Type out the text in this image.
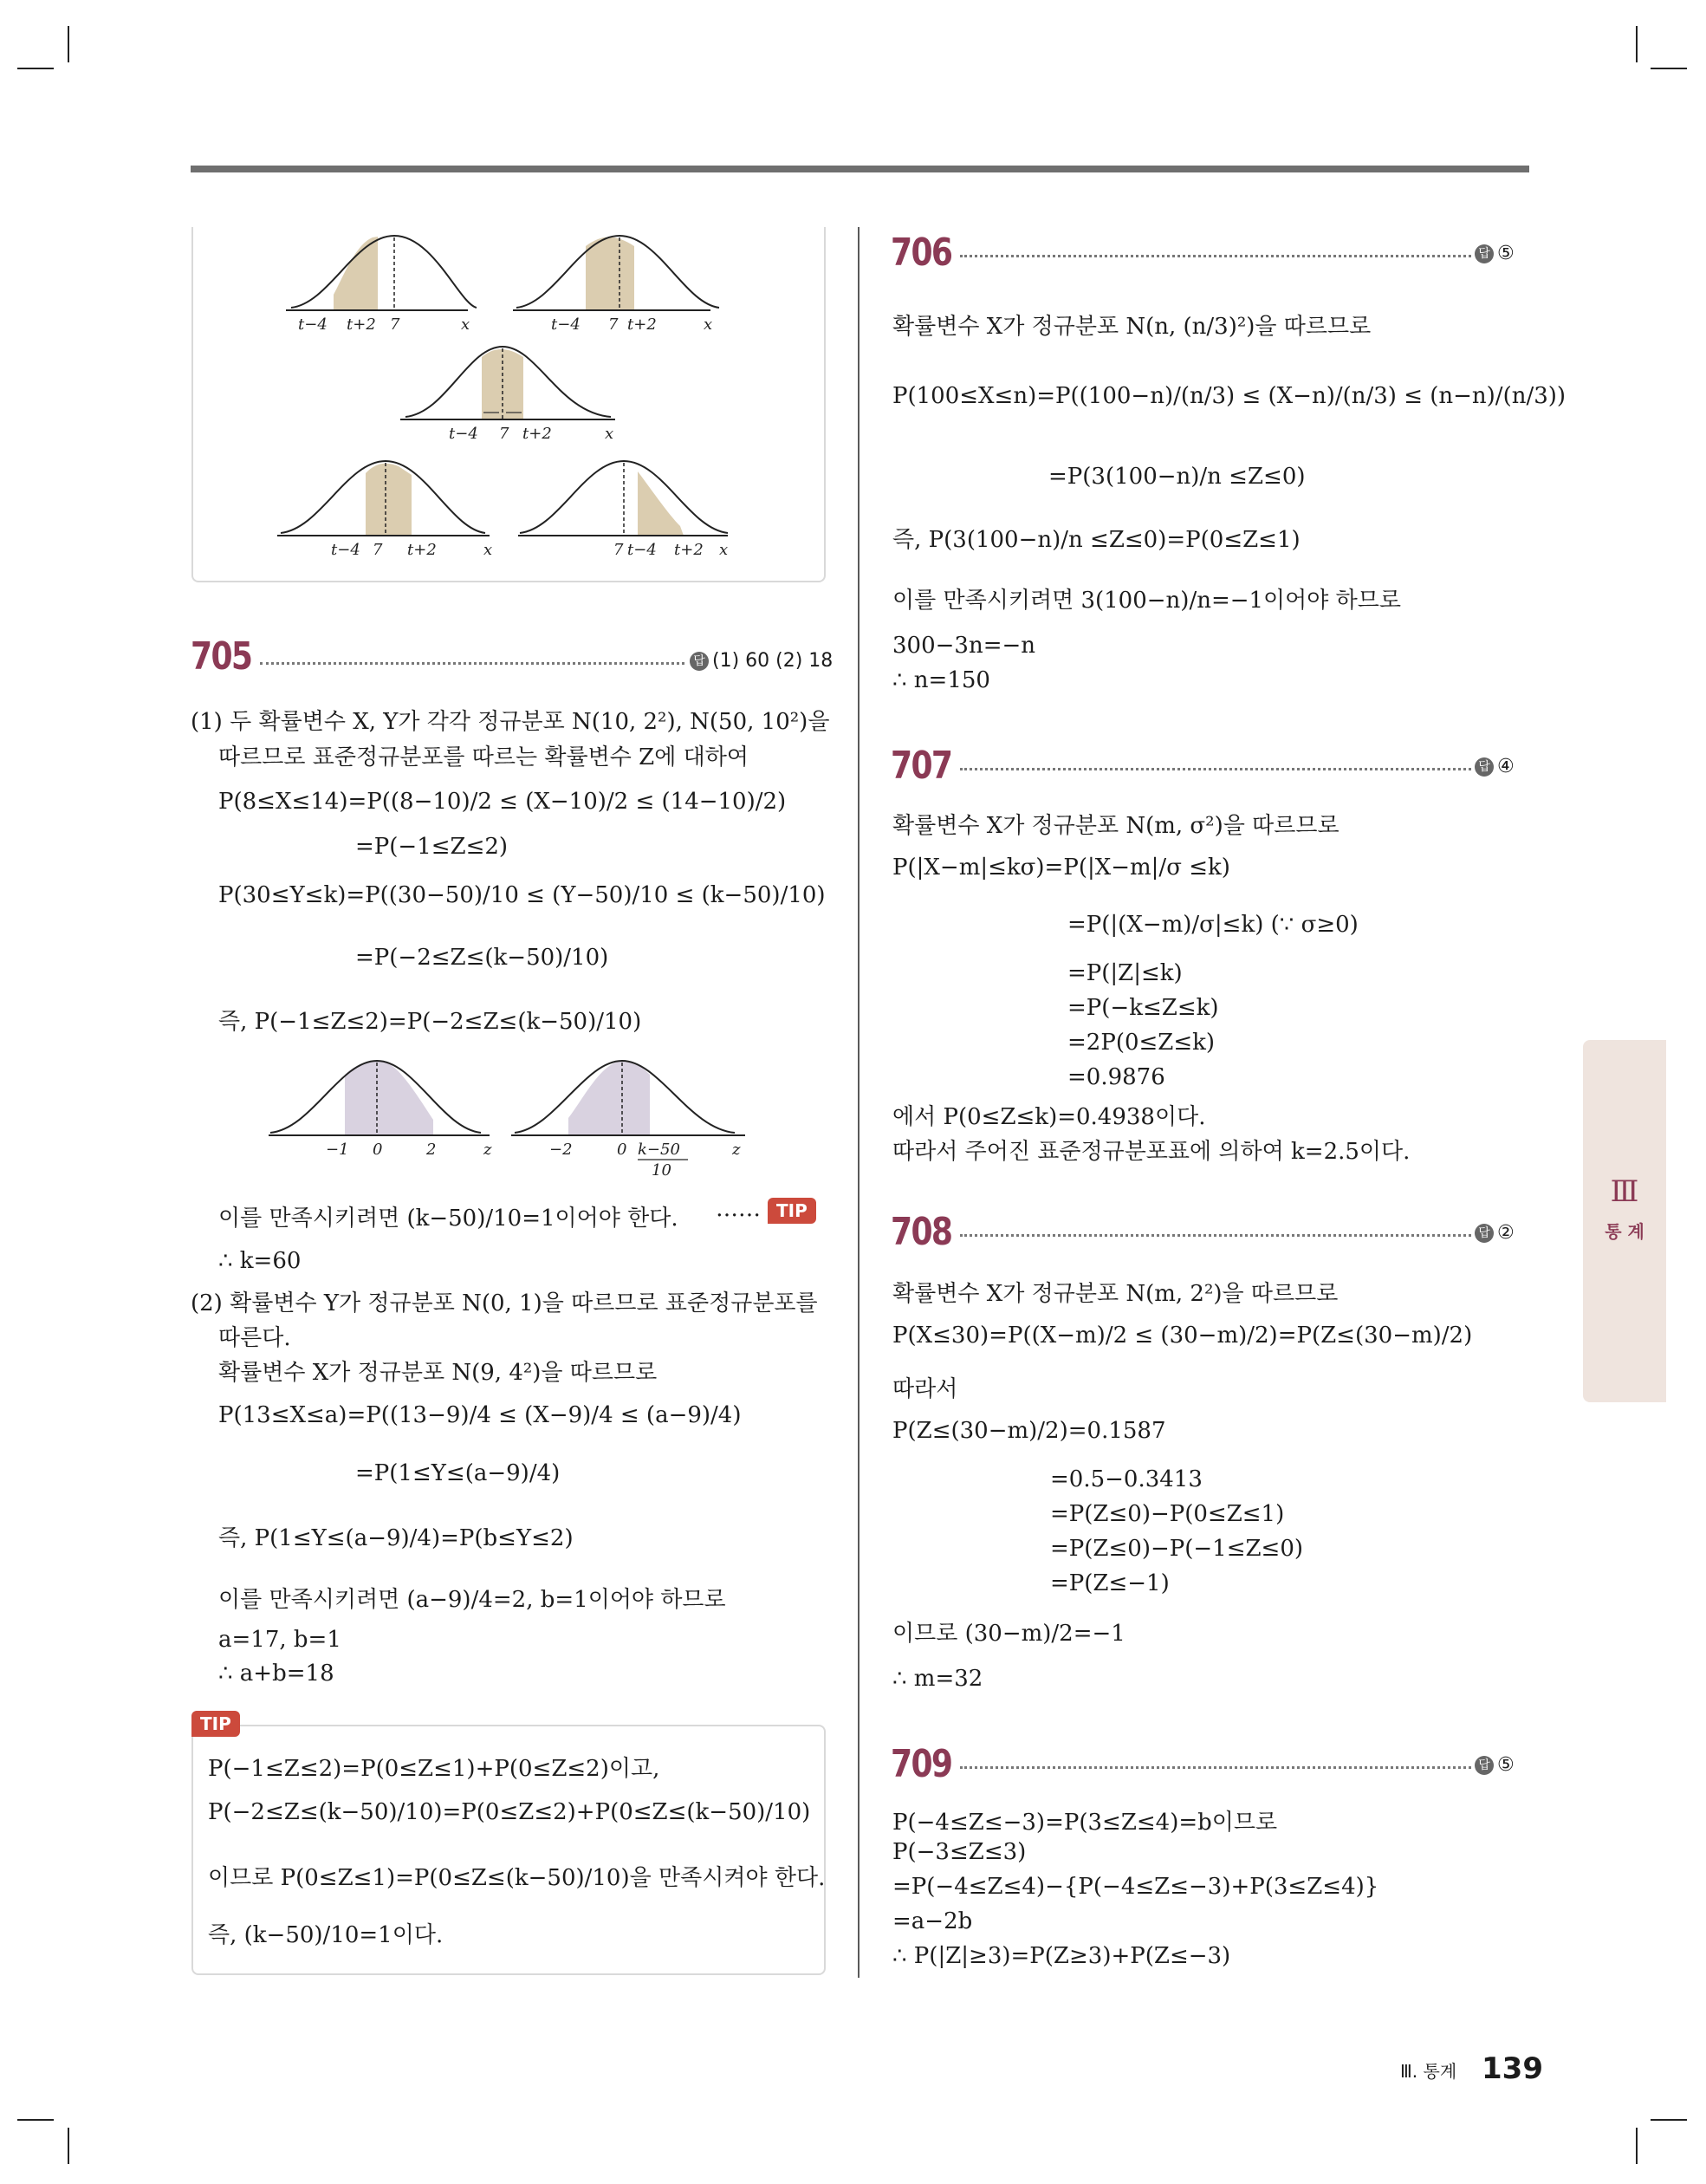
t−4 t+2 7	x	t−4 7 t+2	x
t−4 7 t+2	x
t−4 7 t+2	x	7 t−4 t+2 x
705	답 (1) 60 (2) 18
(1) 두 확률변수 X, Y가 각각 정규분포 N(10, 2²), N(50, 10²)을
따르므로 표준정규분포를 따르는 확률변수 Z에 대하여
P(8≤X≤14)=P((8−10)/2 ≤ (X−10)/2 ≤ (14−10)/2)
=P(−1≤Z≤2)
P(30≤Y≤k)=P((30−50)/10 ≤ (Y−50)/10 ≤ (k−50)/10)
=P(−2≤Z≤(k−50)/10)
즉, P(−1≤Z≤2)=P(−2≤Z≤(k−50)/10)
−1 0	2	z	−2	0 k−50
10
z
이를 만족시키려면 (k−50)/10=1이어야 한다. …… TIP
∴ k=60
(2) 확률변수 Y가 정규분포 N(0, 1)을 따르므로 표준정규분포를
따른다.
확률변수 X가 정규분포 N(9, 4²)을 따르므로
P(13≤X≤a)=P((13−9)/4 ≤ (X−9)/4 ≤ (a−9)/4)
=P(1≤Y≤(a−9)/4)
즉, P(1≤Y≤(a−9)/4)=P(b≤Y≤2)
이를 만족시키려면 (a−9)/4=2, b=1이어야 하므로
a=17, b=1
∴ a+b=18
TIP
P(−1≤Z≤2)=P(0≤Z≤1)+P(0≤Z≤2)이고,
P(−2≤Z≤(k−50)/10)=P(0≤Z≤2)+P(0≤Z≤(k−50)/10)
이므로 P(0≤Z≤1)=P(0≤Z≤(k−50)/10)을 만족시켜야 한다.
즉, (k−50)/10=1이다.
706	답 ⑤
확률변수 X가 정규분포 N(n, (n/3)²)을 따르므로
P(100≤X≤n)=P((100−n)/(n/3) ≤ (X−n)/(n/3) ≤ (n−n)/(n/3))
=P(3(100−n)/n ≤Z≤0)
즉, P(3(100−n)/n ≤Z≤0)=P(0≤Z≤1)
이를 만족시키려면 3(100−n)/n=−1이어야 하므로
300−3n=−n
∴ n=150
707	답 ④
확률변수 X가 정규분포 N(m, σ²)을 따르므로
P(|X−m|≤kσ)=P(|X−m|/σ ≤k)
=P(|(X−m)/σ|≤k) (∵ σ≥0)
=P(|Z|≤k)
=P(−k≤Z≤k)
=2P(0≤Z≤k)
=0.9876
에서 P(0≤Z≤k)=0.4938이다.
따라서 주어진 표준정규분포표에 의하여 k=2.5이다.
708	답 ②
확률변수 X가 정규분포 N(m, 2²)을 따르므로
P(X≤30)=P((X−m)/2 ≤ (30−m)/2)=P(Z≤(30−m)/2)
따라서
P(Z≤(30−m)/2)=0.1587
=0.5−0.3413
=P(Z≤0)−P(0≤Z≤1)
=P(Z≤0)−P(−1≤Z≤0)
=P(Z≤−1)
이므로 (30−m)/2=−1
∴ m=32
709	답 ⑤
P(−4≤Z≤−3)=P(3≤Z≤4)=b이므로
P(−3≤Z≤3)
=P(−4≤Z≤4)−{P(−4≤Z≤−3)+P(3≤Z≤4)}
=a−2b
∴ P(|Z|≥3)=P(Z≥3)+P(Z≤−3)
Ⅲ
통 계
Ⅲ. 통계 139
